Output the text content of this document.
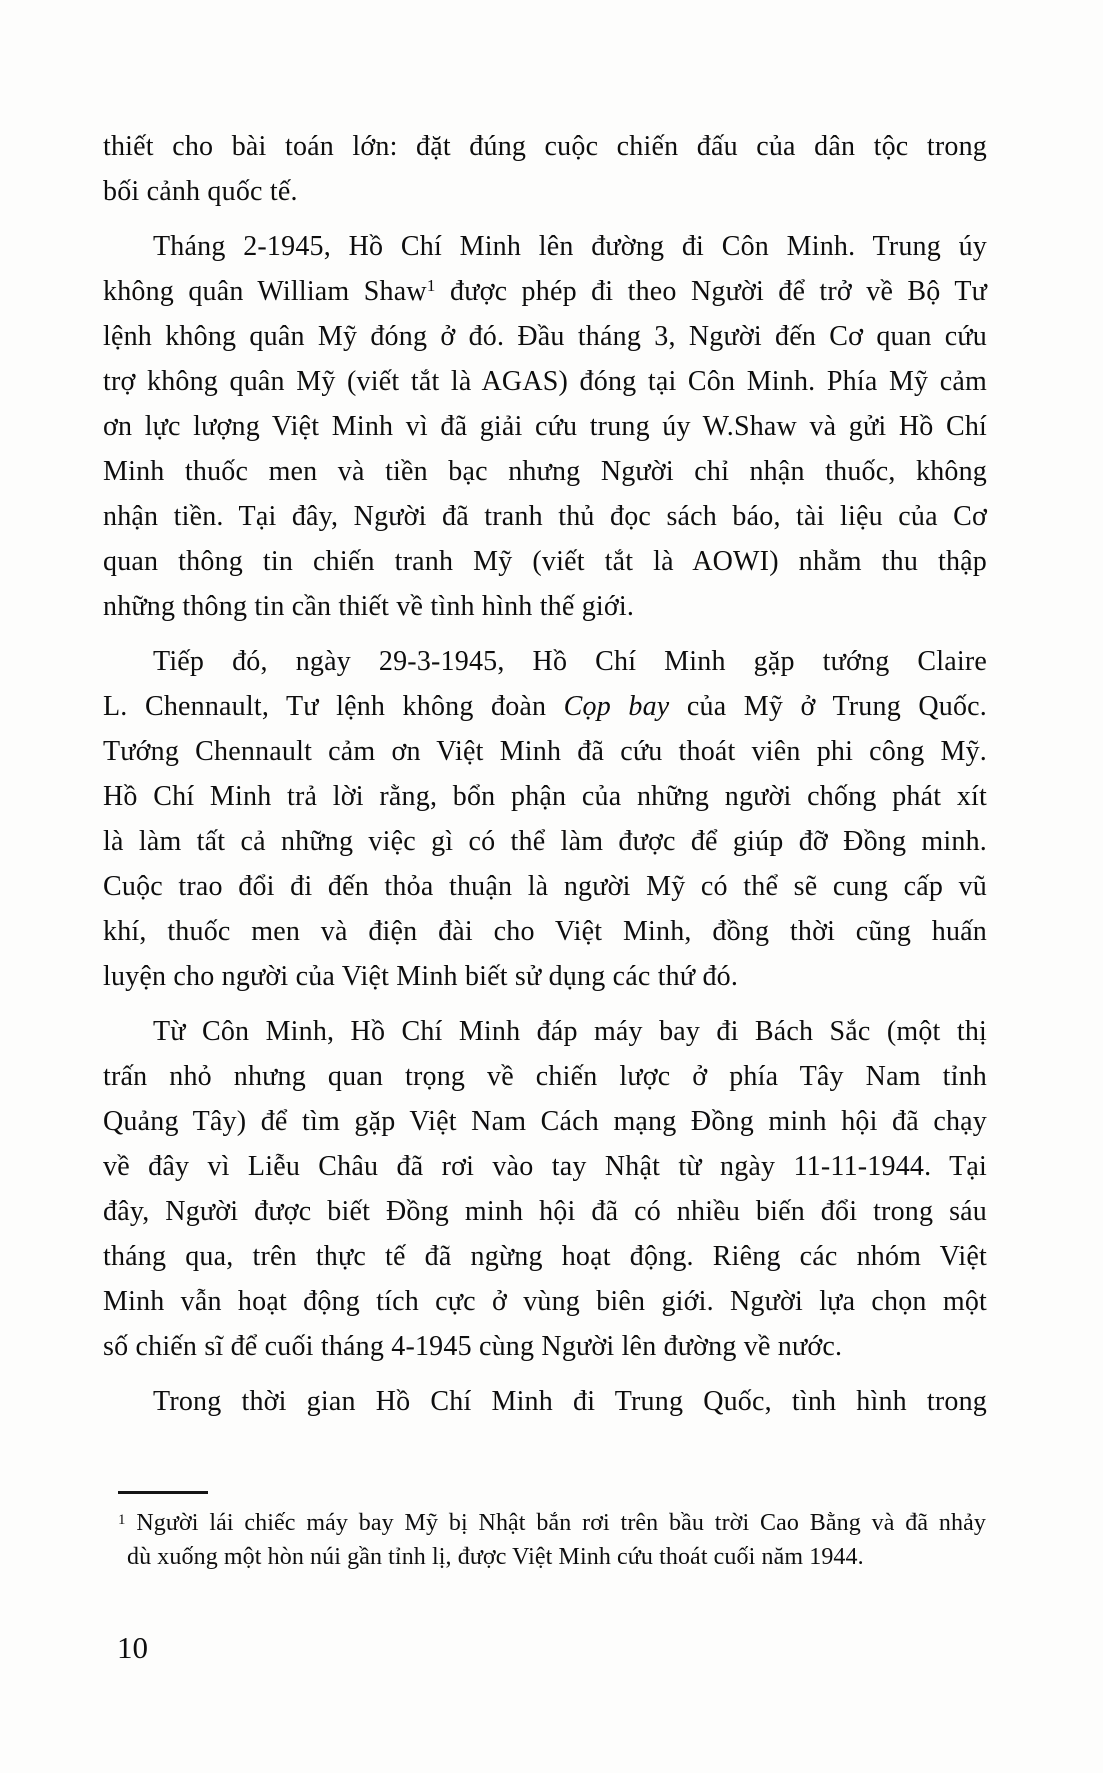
thiết cho bài toán lớn: đặt đúng cuộc chiến đấu của dân tộc trong
bối cảnh quốc tế.
Tháng 2-1945, Hồ Chí Minh lên đường đi Côn Minh. Trung úy
không quân William Shaw$^1$ được phép đi theo Người để trở về Bộ Tư
lệnh không quân Mỹ đóng ở đó. Đầu tháng 3, Người đến Cơ quan cứu
trợ không quân Mỹ (viết tắt là AGAS) đóng tại Côn Minh. Phía Mỹ cảm
ơn lực lượng Việt Minh vì đã giải cứu trung úy W.Shaw và gửi Hồ Chí
Minh thuốc men và tiền bạc nhưng Người chỉ nhận thuốc, không
nhận tiền. Tại đây, Người đã tranh thủ đọc sách báo, tài liệu của Cơ
quan thông tin chiến tranh Mỹ (viết tắt là AOWI) nhằm thu thập
những thông tin cần thiết về tình hình thế giới.
Tiếp đó, ngày 29-3-1945, Hồ Chí Minh gặp tướng Claire
L. Chennault, Tư lệnh không đoàn Cọp bay của Mỹ ở Trung Quốc.
Tướng Chennault cảm ơn Việt Minh đã cứu thoát viên phi công Mỹ.
Hồ Chí Minh trả lời rằng, bổn phận của những người chống phát xít
là làm tất cả những việc gì có thể làm được để giúp đỡ Đồng minh.
Cuộc trao đổi đi đến thỏa thuận là người Mỹ có thể sẽ cung cấp vũ
khí, thuốc men và điện đài cho Việt Minh, đồng thời cũng huấn
luyện cho người của Việt Minh biết sử dụng các thứ đó.
Từ Côn Minh, Hồ Chí Minh đáp máy bay đi Bách Sắc (một thị
trấn nhỏ nhưng quan trọng về chiến lược ở phía Tây Nam tỉnh
Quảng Tây) để tìm gặp Việt Nam Cách mạng Đồng minh hội đã chạy
về đây vì Liễu Châu đã rơi vào tay Nhật từ ngày 11-11-1944. Tại
đây, Người được biết Đồng minh hội đã có nhiều biến đổi trong sáu
tháng qua, trên thực tế đã ngừng hoạt động. Riêng các nhóm Việt
Minh vẫn hoạt động tích cực ở vùng biên giới. Người lựa chọn một
số chiến sĩ để cuối tháng 4-1945 cùng Người lên đường về nước.
Trong thời gian Hồ Chí Minh đi Trung Quốc, tình hình trong
$^1$ Người lái chiếc máy bay Mỹ bị Nhật bắn rơi trên bầu trời Cao Bằng và đã nhảy
dù xuống một hòn núi gần tỉnh lị, được Việt Minh cứu thoát cuối năm 1944.
10
